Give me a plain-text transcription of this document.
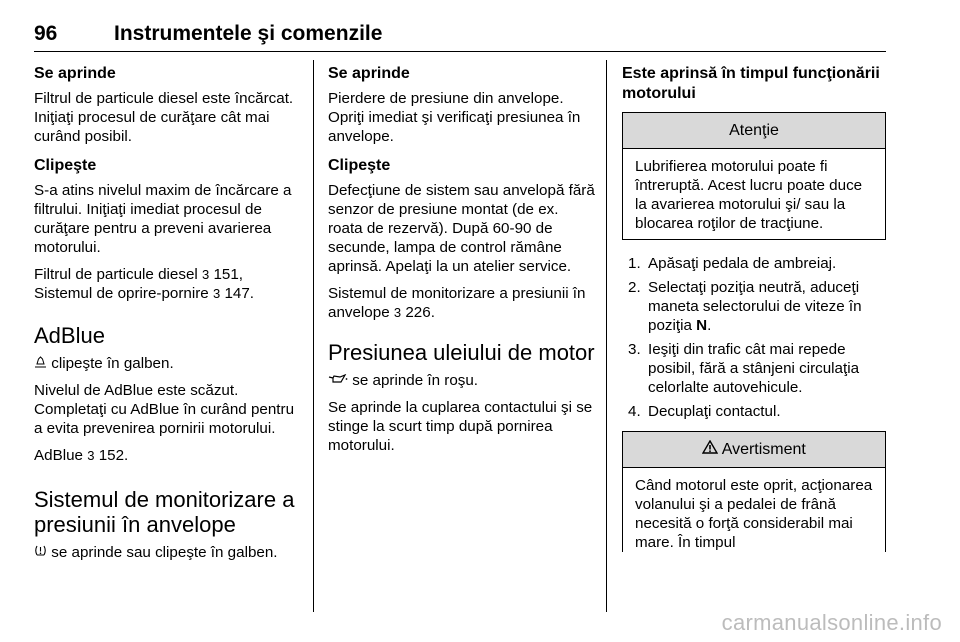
96	Instrumentele şi comenzile
Se aprinde

Filtrul de particule diesel este încărcat. Iniţiaţi procesul de curăţare cât mai curând posibil.

Clipeşte

S-a atins nivelul maxim de încărcare a filtrului. Iniţiaţi imediat procesul de curăţare pentru a preveni avarierea motorului.

Filtrul de particule diesel 3 151,
Sistemul de oprire-pornire 3 147.

AdBlue

clipeşte în galben.

Nivelul de AdBlue este scăzut. Completaţi cu AdBlue în curând pentru a evita prevenirea pornirii motorului.

AdBlue 3 152.

Sistemul de monitorizare a presiunii în anvelope

se aprinde sau clipeşte în galben.

Se aprinde

Pierdere de presiune din anvelope. Opriţi imediat şi verificaţi presiunea în anvelope.

Clipeşte

Defecţiune de sistem sau anvelopă fără senzor de presiune montat (de ex. roata de rezervă). După 60-90 de secunde, lampa de control rămâne aprinsă. Apelaţi la un atelier service.

Sistemul de monitorizare a presiunii în anvelope 3 226.

Presiunea uleiului de motor

se aprinde în roşu.

Se aprinde la cuplarea contactului şi se stinge la scurt timp după pornirea motorului.

Este aprinsă în timpul funcţionării motorului
Atenţie
Lubrifierea motorului poate fi întreruptă. Acest lucru poate duce la avarierea motorului şi/ sau la blocarea roţilor de tracţiune.
1. Apăsaţi pedala de ambreiaj.
2. Selectaţi poziţia neutră, aduceţi maneta selectorului de viteze în poziţia N.
3. Ieşiţi din trafic cât mai repede posibil, fără a stânjeni circulaţia celorlalte autovehicule.
4. Decuplaţi contactul.
Avertisment
Când motorul este oprit, acţionarea volanului şi a pedalei de frână necesită o forţă considerabil mai mare. În timpul
carmanualsonline.info
